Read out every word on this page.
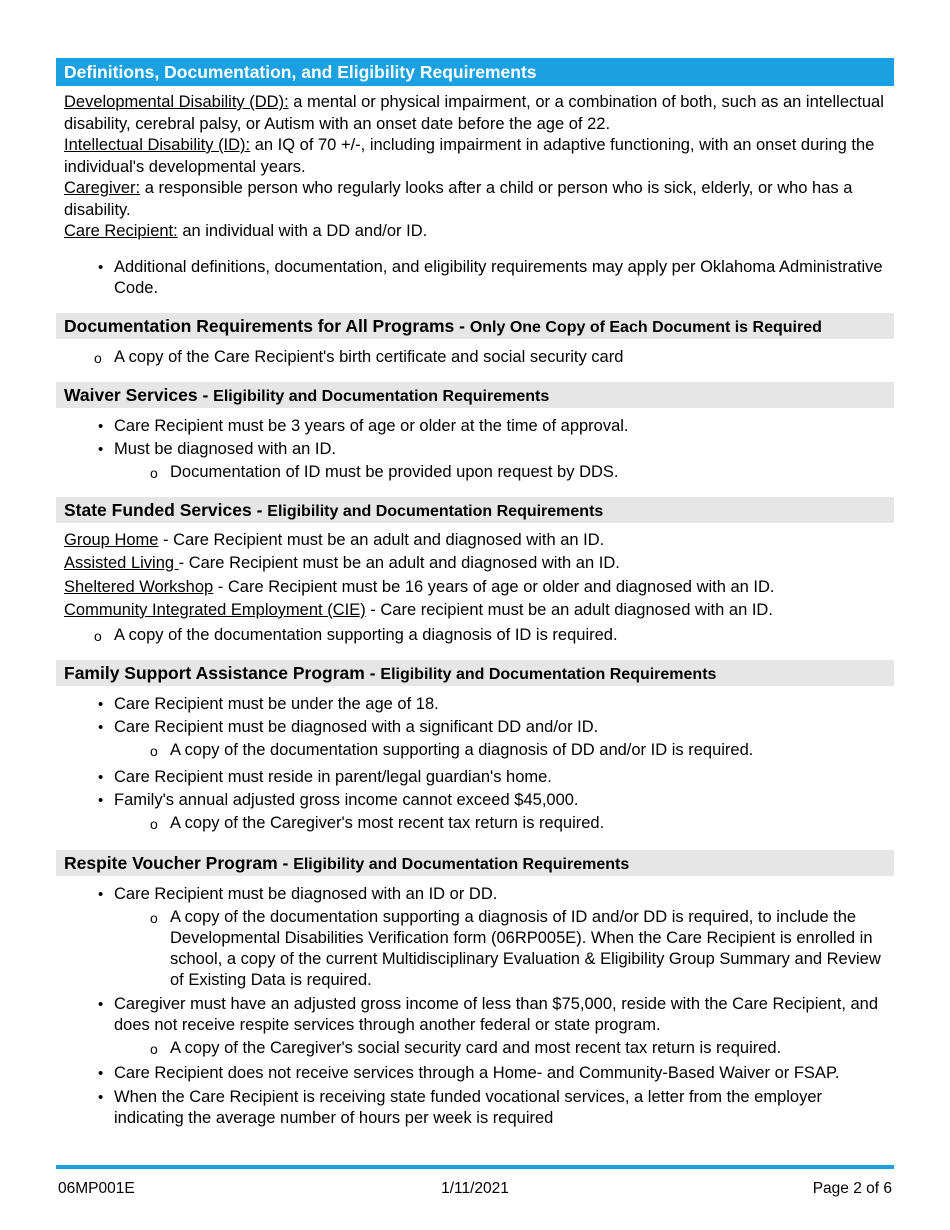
Definitions, Documentation, and Eligibility Requirements
Developmental Disability (DD): a mental or physical impairment, or a combination of both, such as an intellectual disability, cerebral palsy, or Autism with an onset date before the age of 22.
Intellectual Disability (ID): an IQ of 70 +/-, including impairment in adaptive functioning, with an onset during the individual's developmental years.
Caregiver: a responsible person who regularly looks after a child or person who is sick, elderly, or who has a disability.
Care Recipient: an individual with a DD and/or ID.
• Additional definitions, documentation, and eligibility requirements may apply per Oklahoma Administrative Code.
Documentation Requirements for All Programs - Only One Copy of Each Document is Required
o A copy of the Care Recipient's birth certificate and social security card
Waiver Services - Eligibility and Documentation Requirements
• Care Recipient must be 3 years of age or older at the time of approval.
• Must be diagnosed with an ID.
o Documentation of ID must be provided upon request by DDS.
State Funded Services - Eligibility and Documentation Requirements
Group Home - Care Recipient must be an adult and diagnosed with an ID.
Assisted Living - Care Recipient must be an adult and diagnosed with an ID.
Sheltered Workshop - Care Recipient must be 16 years of age or older and diagnosed with an ID.
Community Integrated Employment (CIE) - Care recipient must be an adult diagnosed with an ID.
o A copy of the documentation supporting a diagnosis of ID is required.
Family Support Assistance Program - Eligibility and Documentation Requirements
• Care Recipient must be under the age of 18.
• Care Recipient must be diagnosed with a significant DD and/or ID.
o A copy of the documentation supporting a diagnosis of DD and/or ID is required.
• Care Recipient must reside in parent/legal guardian's home.
• Family's annual adjusted gross income cannot exceed $45,000.
o A copy of the Caregiver's most recent tax return is required.
Respite Voucher Program - Eligibility and Documentation Requirements
• Care Recipient must be diagnosed with an ID or DD.
o A copy of the documentation supporting a diagnosis of ID and/or DD is required, to include the Developmental Disabilities Verification form (06RP005E). When the Care Recipient is enrolled in school, a copy of the current Multidisciplinary Evaluation & Eligibility Group Summary and Review of Existing Data is required.
• Caregiver must have an adjusted gross income of less than $75,000, reside with the Care Recipient, and does not receive respite services through another federal or state program.
o A copy of the Caregiver's social security card and most recent tax return is required.
• Care Recipient does not receive services through a Home- and Community-Based Waiver or FSAP.
• When the Care Recipient is receiving state funded vocational services, a letter from the employer indicating the average number of hours per week is required
06MP001E	1/11/2021	Page 2 of 6
